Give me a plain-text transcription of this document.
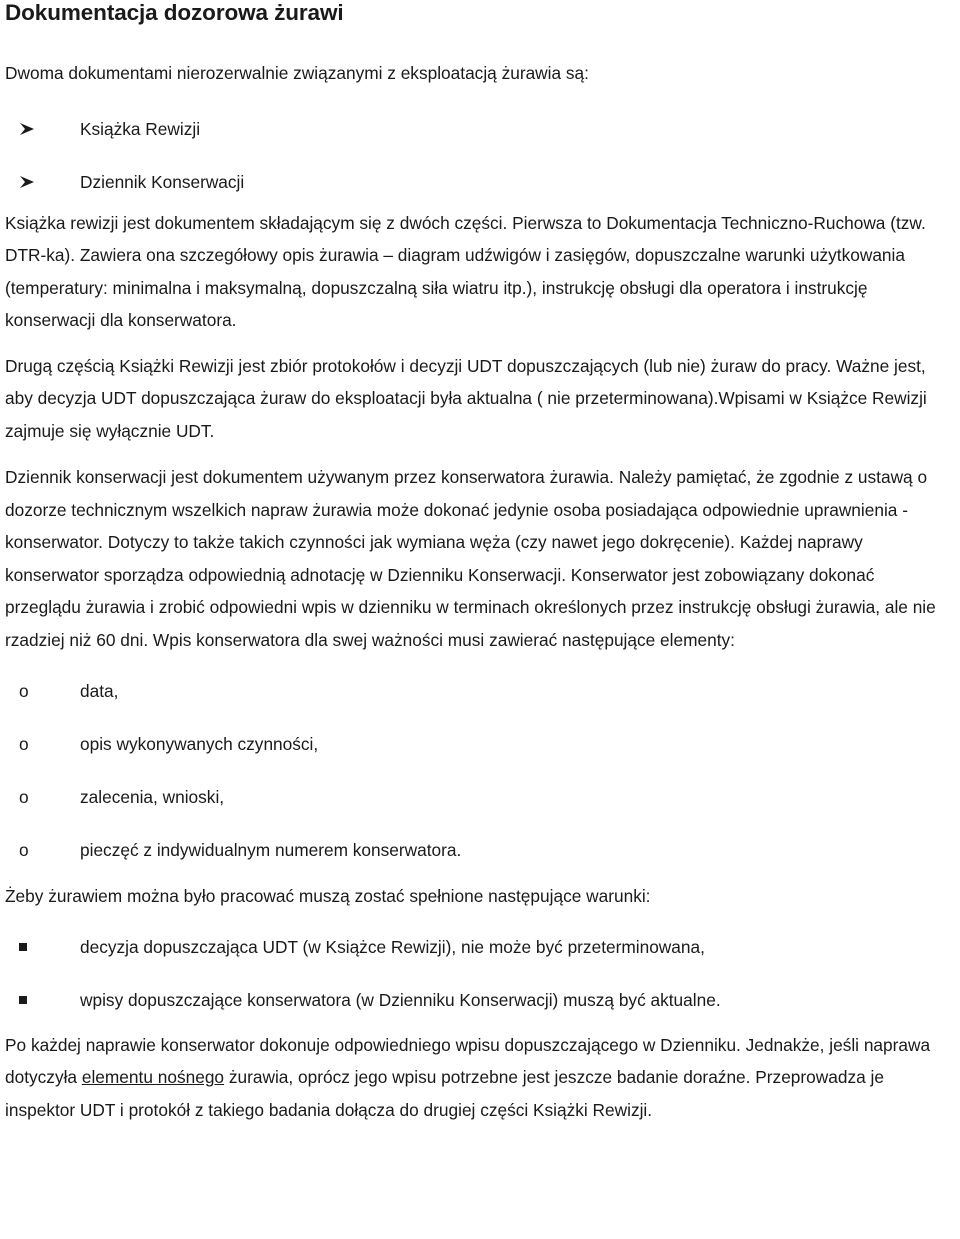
Dokumentacja dozorowa żurawi

Dwoma dokumentami nierozerwalnie związanymi z eksploatacją żurawia są:

Książka Rewizji
Dziennik Konserwacji

Książka rewizji jest dokumentem składającym się z dwóch części. Pierwsza to Dokumentacja Techniczno-Ruchowa (tzw. DTR-ka). Zawiera ona szczegółowy opis żurawia – diagram udźwigów i zasięgów, dopuszczalne warunki użytkowania (temperatury: minimalna i maksymalną, dopuszczalną siła wiatru itp.), instrukcję obsługi dla operatora i instrukcję konserwacji dla konserwatora.

Drugą częścią Książki Rewizji jest zbiór protokołów i decyzji UDT dopuszczających (lub nie) żuraw do pracy. Ważne jest, aby decyzja UDT dopuszczająca żuraw do eksploatacji była aktualna ( nie przeterminowana).Wpisami w Książce Rewizji zajmuje się wyłącznie UDT.

Dziennik konserwacji jest dokumentem używanym przez konserwatora żurawia. Należy pamiętać, że zgodnie z ustawą o dozorze technicznym wszelkich napraw żurawia może dokonać jedynie osoba posiadająca odpowiednie uprawnienia - konserwator. Dotyczy to także takich czynności jak wymiana węża (czy nawet jego dokręcenie). Każdej naprawy konserwator sporządza odpowiednią adnotację w Dzienniku Konserwacji. Konserwator jest zobowiązany dokonać przeglądu żurawia i zrobić odpowiedni wpis w dzienniku w terminach określonych przez instrukcję obsługi żurawia, ale nie rzadziej niż 60 dni. Wpis konserwatora dla swej ważności musi zawierać następujące elementy:

o	data,
o	opis wykonywanych czynności,
o	zalecenia, wnioski,
o	pieczęć z indywidualnym numerem konserwatora.

Żeby żurawiem można było pracować muszą zostać spełnione następujące warunki:

decyzja dopuszczająca UDT (w Książce Rewizji), nie może być przeterminowana,
wpisy dopuszczające konserwatora (w Dzienniku Konserwacji) muszą być aktualne.

Po każdej naprawie konserwator dokonuje odpowiedniego wpisu dopuszczającego w Dzienniku. Jednakże, jeśli naprawa dotyczyła elementu nośnego żurawia, oprócz jego wpisu potrzebne jest jeszcze badanie doraźne. Przeprowadza je inspektor UDT i protokół z takiego badania dołącza do drugiej części Książki Rewizji.
